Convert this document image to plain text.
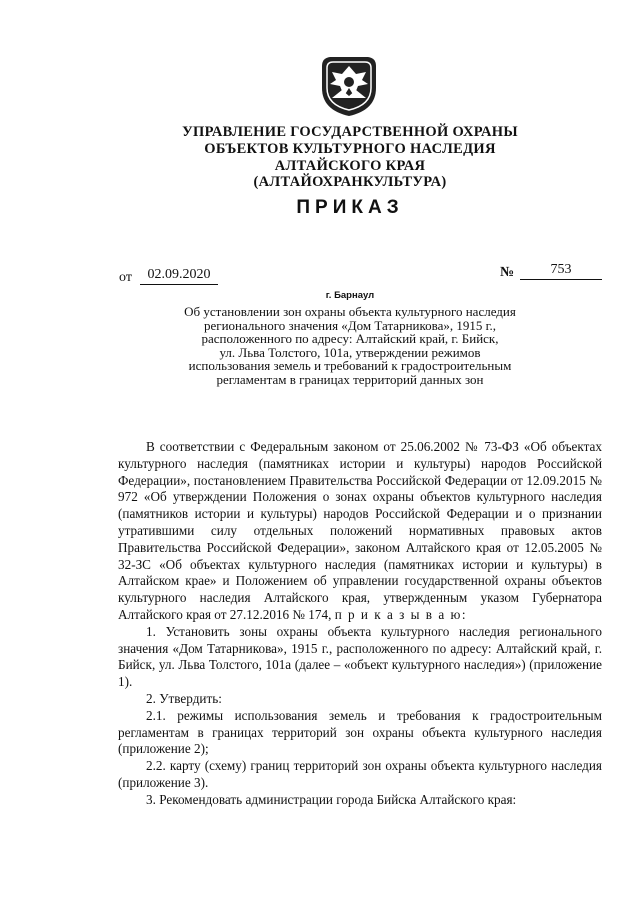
УПРАВЛЕНИЕ ГОСУДАРСТВЕННОЙ ОХРАНЫ
ОБЪЕКТОВ КУЛЬТУРНОГО НАСЛЕДИЯ
АЛТАЙСКОГО КРАЯ
(АЛТАЙОХРАНКУЛЬТУРА)
ПРИКАЗ
от	02.09.2020	№	753
г. Барнаул
Об установлении зон охраны объекта культурного наследия
регионального значения «Дом Татарникова», 1915 г.,
расположенного по адресу: Алтайский край, г. Бийск,
ул. Льва Толстого, 101а, утверждении режимов
использования земель и требований к градостроительным
регламентам в границах территорий данных зон

В соответствии с Федеральным законом от 25.06.2002 № 73-ФЗ «Об объектах культурного наследия (памятниках истории и культуры) народов Российской Федерации», постановлением Правительства Российской Федерации от 12.09.2015 № 972 «Об утверждении Положения о зонах охраны объектов культурного наследия (памятников истории и культуры) народов Российской Федерации и о признании утратившими силу отдельных положений нормативных правовых актов Правительства Российской Федерации», законом Алтайского края от 12.05.2005 № 32-ЗС «Об объектах культурного наследия (памятниках истории и культуры) в Алтайском крае» и Положением об управлении государственной охраны объектов культурного наследия Алтайского края, утвержденным указом Губернатора Алтайского края от 27.12.2016 № 174, п р и к а з ы в а ю:

1. Установить зоны охраны объекта культурного наследия регионального значения «Дом Татарникова», 1915 г., расположенного по адресу: Алтайский край, г. Бийск, ул. Льва Толстого, 101а (далее – «объект культурного наследия») (приложение 1).

2. Утвердить:

2.1. режимы использования земель и требования к градостроительным регламентам в границах территорий зон охраны объекта культурного наследия (приложение 2);

2.2. карту (схему) границ территорий зон охраны объекта культурного наследия (приложение 3).

3. Рекомендовать администрации города Бийска Алтайского края:
